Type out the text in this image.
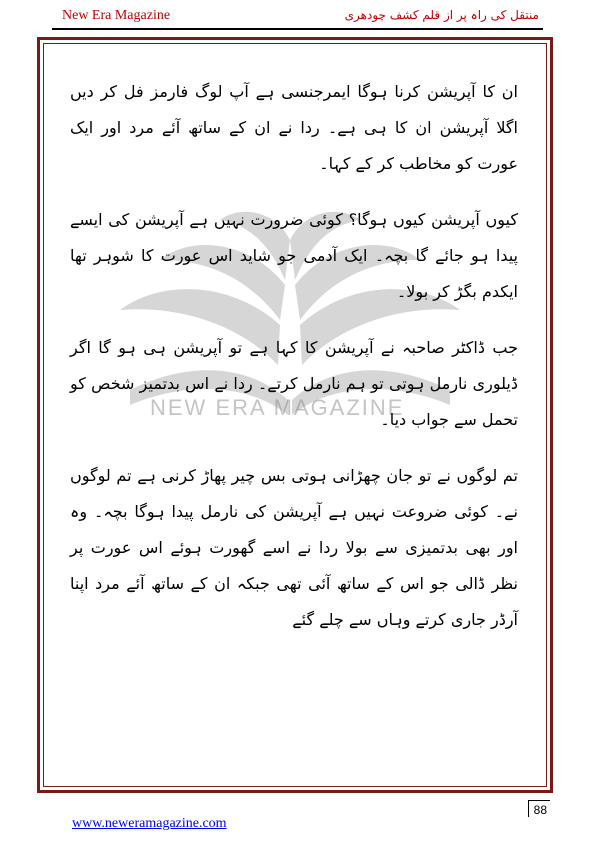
New Era Magazine	منتقل کی راہ پر از قلم کشف چودھری
NEW ERA MAGAZINE

ان کا آپریشن کرنا ہوگا ایمرجنسی ہے آپ لوگ فارمز فل کر دیں اگلا آپریشن ان کا ہی ہے۔ ردا نے ان کے ساتھ آئے مرد اور ایک عورت کو مخاطب کر کے کہا۔

کیوں آپریشن کیوں ہوگا؟ کوئی ضرورت نہیں ہے آپریشن کی ایسے پیدا ہو جائے گا بچہ۔ ایک آدمی جو شاید اس عورت کا شوہر تھا ایکدم بگڑ کر بولا۔

جب ڈاکٹر صاحبہ نے آپریشن کا کہا ہے تو آپریشن ہی ہو گا اگر ڈیلوری نارمل ہوتی تو ہم نارمل کرتے۔ ردا نے اس بدتمیز شخص کو تحمل سے جواب دیا۔

تم لوگوں نے تو جان چھڑانی ہوتی بس چیر پھاڑ کرنی ہے تم لوگوں نے۔ کوئی ضروعت نہیں ہے آپریشن کی نارمل پیدا ہوگا بچہ۔ وہ اور بھی بدتمیزی سے بولا ردا نے اسے گھورت ہوئے اس عورت پر نظر ڈالی جو اس کے ساتھ آئی تھی جبکہ ان کے ساتھ آئے مرد اپنا آرڈر جاری کرتے وہاں سے چلے گئے

88
www.neweramagazine.com
